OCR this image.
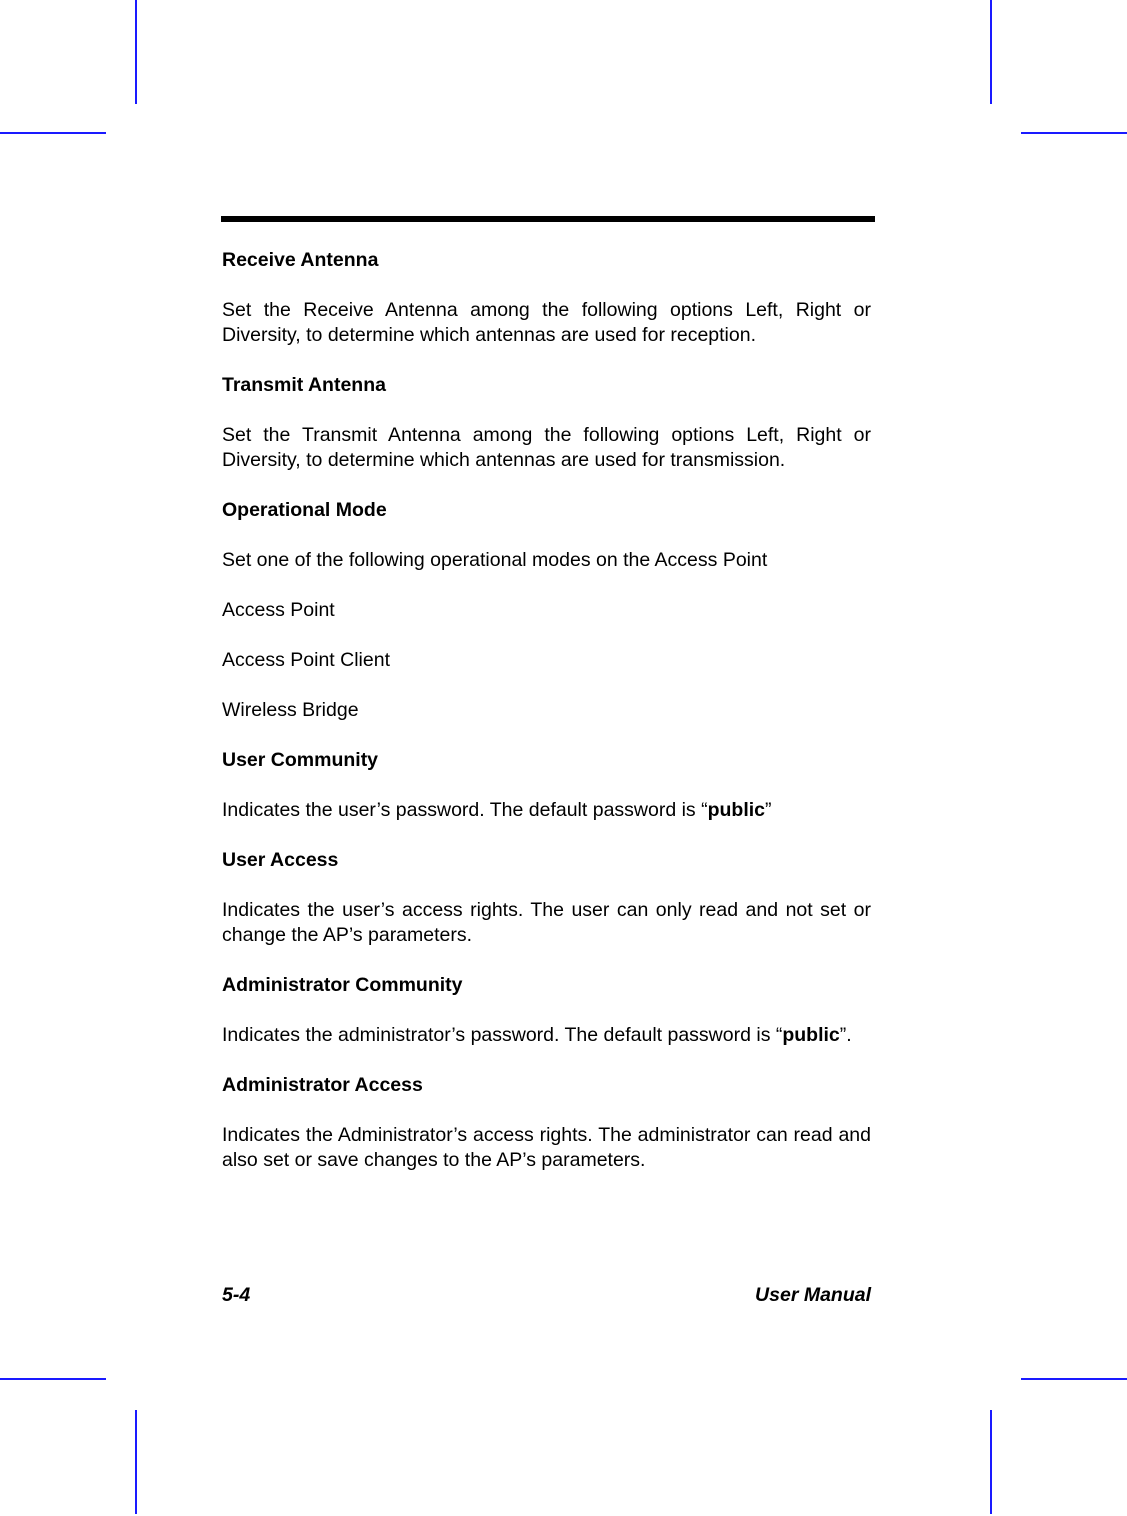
Receive Antenna

Set the Receive Antenna among the following options Left, Right or Diversity, to determine which antennas are used for reception.

Transmit Antenna

Set the Transmit Antenna among the following options Left, Right or Diversity, to determine which antennas are used for transmission.

Operational Mode

Set one of the following operational modes on the Access Point

Access Point

Access Point Client

Wireless Bridge

User Community

Indicates the user’s password. The default password is “public”

User Access

Indicates the user’s access rights. The user can only read and not set or change the AP’s parameters.

Administrator Community

Indicates the administrator’s password. The default password is “public”.

Administrator Access

Indicates the Administrator’s access rights. The administrator can read and also set or save changes to the AP’s parameters.

5-4	User Manual
